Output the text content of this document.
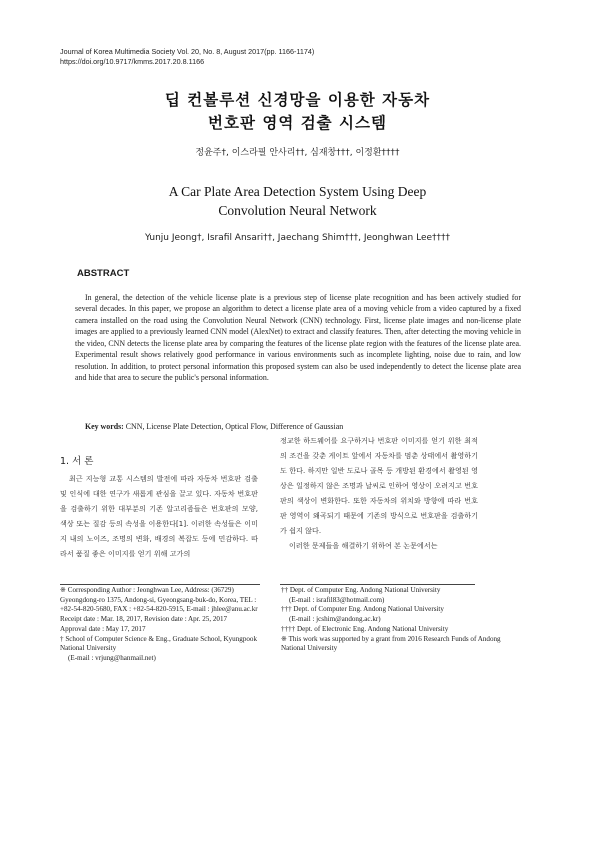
Journal of Korea Multimedia Society Vol. 20, No. 8, August 2017(pp. 1166-1174)
https://doi.org/10.9717/kmms.2017.20.8.1166
딥 컨볼루션 신경망을 이용한 자동차
번호판 영역 검출 시스템
정윤주†, 이스라필 안사리††, 심재창†††, 이정환††††
A Car Plate Area Detection System Using Deep
Convolution Neural Network
Yunju Jeong†, Israfil Ansari††, Jaechang Shim†††, Jeonghwan Lee††††
ABSTRACT
In general, the detection of the vehicle license plate is a previous step of license plate recognition and has been actively studied for several decades. In this paper, we propose an algorithm to detect a license plate area of a moving vehicle from a video captured by a fixed camera installed on the road using the Convolution Neural Network (CNN) technology. First, license plate images and non-license plate images are applied to a previously learned CNN model (AlexNet) to extract and classify features. Then, after detecting the moving vehicle in the video, CNN detects the license plate area by comparing the features of the license plate region with the features of the license plate area. Experimental result shows relatively good performance in various environments such as incomplete lighting, noise due to rain, and low resolution. In addition, to protect personal information this proposed system can also be used independently to detect the license plate area and hide that area to secure the public's personal information.
Key words: CNN, License Plate Detection, Optical Flow, Difference of Gaussian
1. 서 론

최근 지능형 교통 시스템의 발전에 따라 자동차 번호판 검출 및 인식에 대한 연구가 새롭게 관심을 끌고 있다. 자동차 번호판을 검출하기 위한 대부분의 기존 알고리즘들은 번호판의 모양, 색상 또는 질감 등의 속성을 이용한다[1]. 이러한 속성들은 이미지 내의 노이즈, 조명의 변화, 배경의 복잡도 등에 민감하다. 따라서 품질 좋은 이미지를 얻기 위해 고가의

정교한 하드웨어를 요구하거나 번호판 이미지를 얻기 위한 최적의 조건을 갖춘 게이트 앞에서 자동차를 멈춘 상태에서 촬영하기도 한다. 하지만 일반 도로나 골목 등 개방된 환경에서 촬영된 영상은 일정하지 않은 조명과 날씨로 인하여 영상이 오려지고 번호판의 색상이 변화한다. 또한 자동차의 위치와 방향에 따라 번호판 영역이 왜곡되기 때문에 기존의 방식으로 번호판을 검출하기가 쉽지 않다.

이러한 문제들을 해결하기 위하여 본 논문에서는

※ Corresponding Author : Jeonghwan Lee, Address: (36729) Gyeongdong-ro 1375, Andong-si, Gyeongsang-buk-do, Korea, TEL : +82-54-820-5680, FAX : +82-54-820-5915, E-mail : jhlee@anu.ac.kr
Receipt date : Mar. 18, 2017, Revision date : Apr. 25, 2017
Approval date : May 17, 2017
† School of Computer Science & Eng., Graduate School, Kyungpook National University
(E-mail : vrjung@hanmail.net)
†† Dept. of Computer Eng. Andong National University
(E-mail : israfil83@hotmail.com)
††† Dept. of Computer Eng. Andong National University
(E-mail : jcshim@andong.ac.kr)
†††† Dept. of Electronic Eng. Andong National University
※ This work was supported by a grant from 2016 Research Funds of Andong National University
